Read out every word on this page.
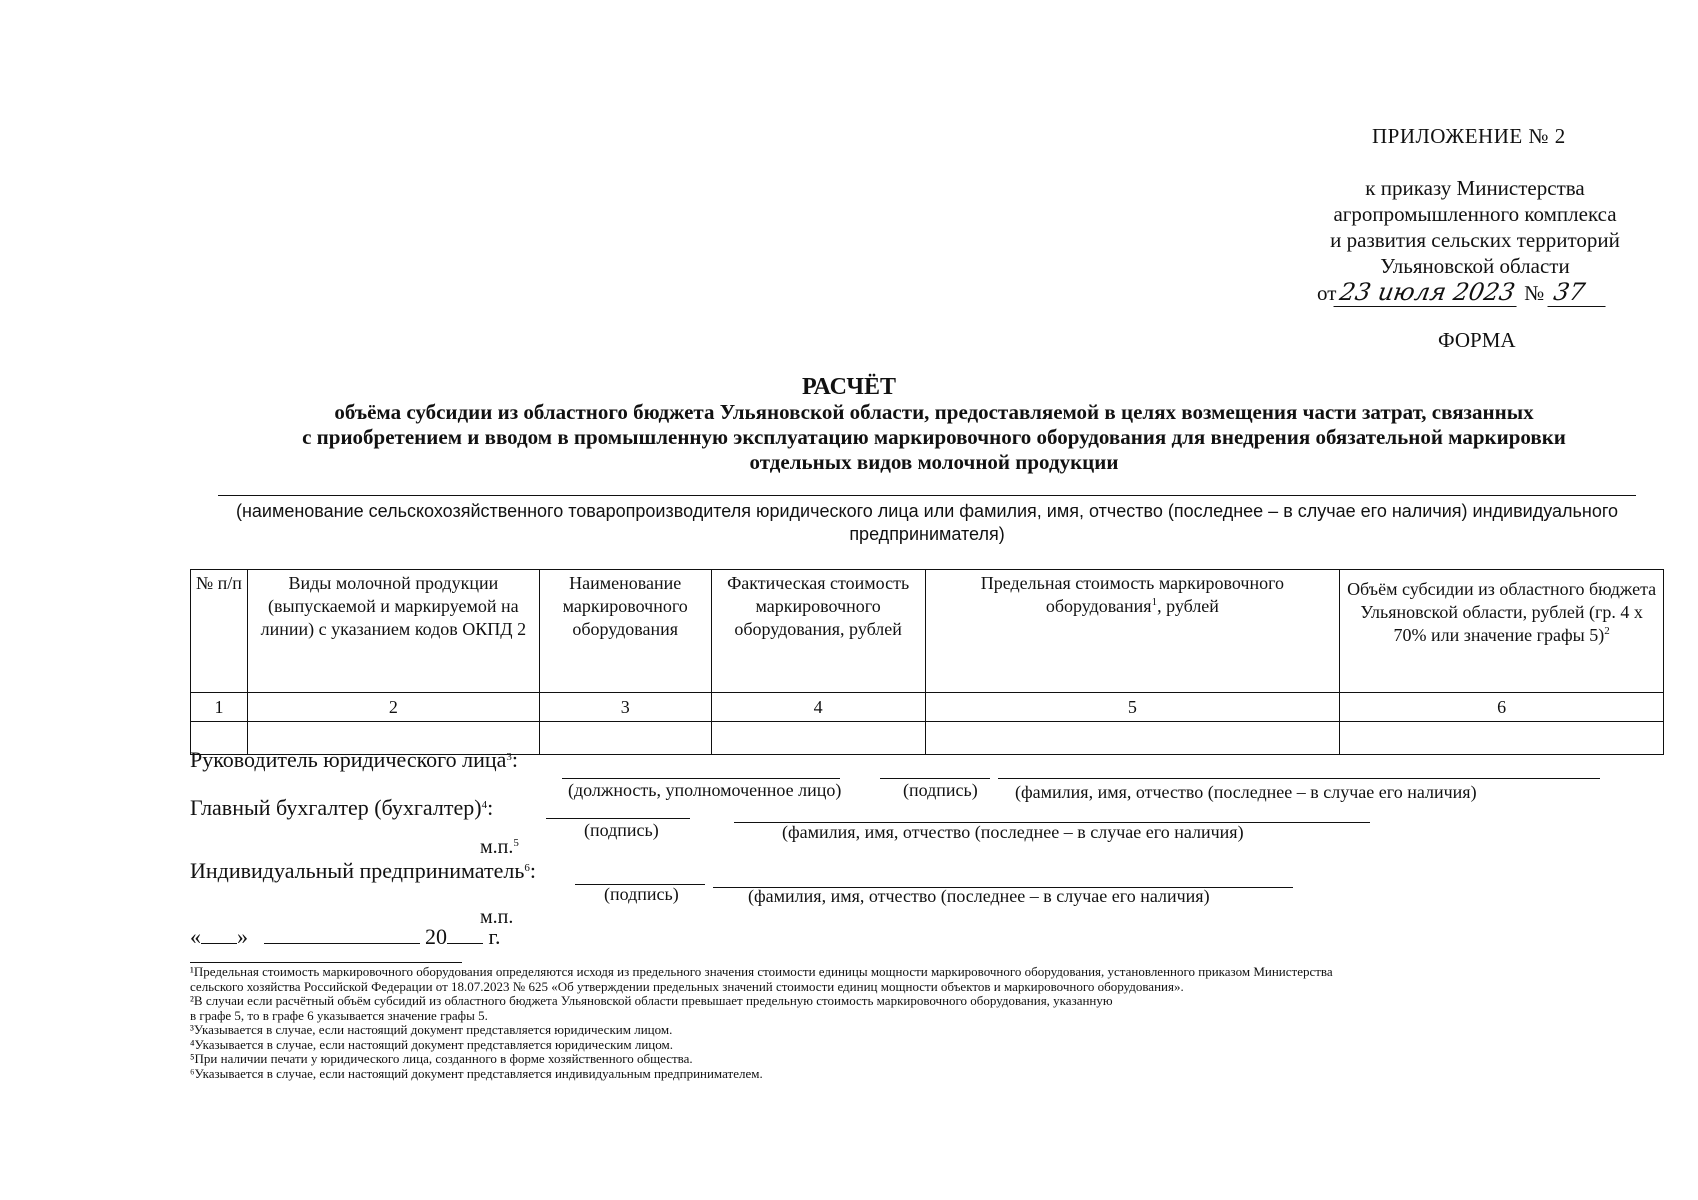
ПРИЛОЖЕНИЕ № 2
к приказу Министерства
агропромышленного комплекса
и развития сельских территорий
Ульяновской области
от23 июля 2023 № 37
ФОРМА
РАСЧЁТ
объёма субсидии из областного бюджета Ульяновской области, предоставляемой в целях возмещения части затрат, связанных
с приобретением и вводом в промышленную эксплуатацию маркировочного оборудования для внедрения обязательной маркировки
отдельных видов молочной продукции
(наименование сельскохозяйственного товаропроизводителя юридического лица или фамилия, имя, отчество (последнее – в случае его наличия) индивидуального предпринимателя)
№ п/п	Виды молочной продукции (выпускаемой и маркируемой на линии) с указанием кодов ОКПД 2	Наименование маркировочного оборудования	Фактическая стоимость маркировочного оборудования, рублей	Предельная стоимость маркировочного оборудования$^1$, рублей	Объём субсидии из областного бюджета Ульяновской области, рублей (гр. 4 х 70% или значение графы 5)$^2$
1	2	3	4	5	6

Руководитель юридического лица$^3$:
(должность, уполномоченное лицо)	(подпись) (фамилия, имя, отчество (последнее – в случае его наличия)
Главный бухгалтер (бухгалтер)$^4$:
(подпись)	(фамилия, имя, отчество (последнее – в случае его наличия)
м.п.$^5$
Индивидуальный предприниматель$^6$:
(подпись)	(фамилия, имя, отчество (последнее – в случае его наличия)
м.п.
« »	20 г.
¹Предельная стоимость маркировочного оборудования определяются исходя из предельного значения стоимости единицы мощности маркировочного оборудования, установленного приказом Министерства
сельского хозяйства Российской Федерации от 18.07.2023 № 625 «Об утверждении предельных значений стоимости единиц мощности объектов и маркировочного оборудования».
²В случаи если расчётный объём субсидий из областного бюджета Ульяновской области превышает предельную стоимость маркировочного оборудования, указанную
в графе 5, то в графе 6 указывается значение графы 5.
³Указывается в случае, если настоящий документ представляется юридическим лицом.
⁴Указывается в случае, если настоящий документ представляется юридическим лицом.
⁵При наличии печати у юридического лица, созданного в форме хозяйственного общества.
⁶Указывается в случае, если настоящий документ представляется индивидуальным предпринимателем.
